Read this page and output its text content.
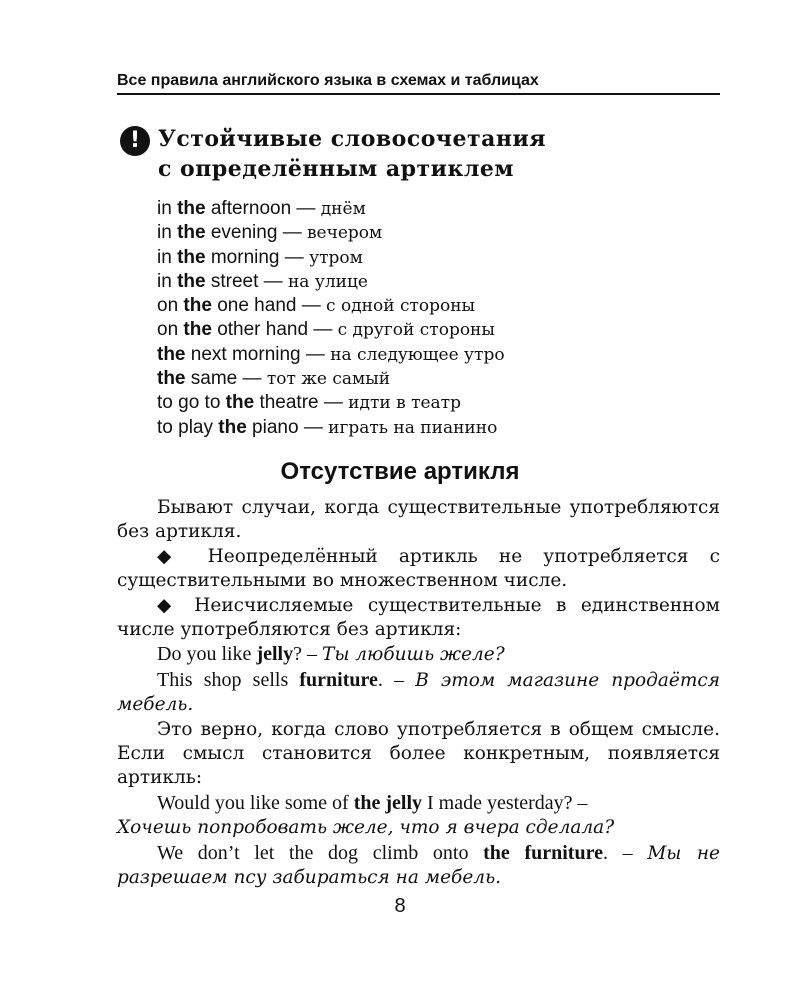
Все правила английского языка в схемах и таблицах
! Устойчивые словосочетания
с определённым артиклем
in the afternoon — днём
in the evening — вечером
in the morning — утром
in the street — на улице
on the one hand — с одной стороны
on the other hand — с другой стороны
the next morning — на следующее утро
the same — тот же самый
to go to the theatre — идти в театр
to play the piano — играть на пианино
Отсутствие артикля

Бывают случаи, когда существительные употребляются без артикля.

◆ Неопределённый артикль не употребляется с существительными во множественном числе.

◆ Неисчисляемые существительные в единственном числе употребляются без артикля:

Do you like jelly? – Ты любишь желе?

This shop sells furniture. – В этом магазине продаётся мебель.

Это верно, когда слово употребляется в общем смысле. Если смысл становится более конкретным, появляется артикль:

Would you like some of the jelly I made yesterday? –

Хочешь попробовать желе, что я вчера сделала?

We don’t let the dog climb onto the furniture. – Мы не разрешаем псу забираться на мебель.

8
